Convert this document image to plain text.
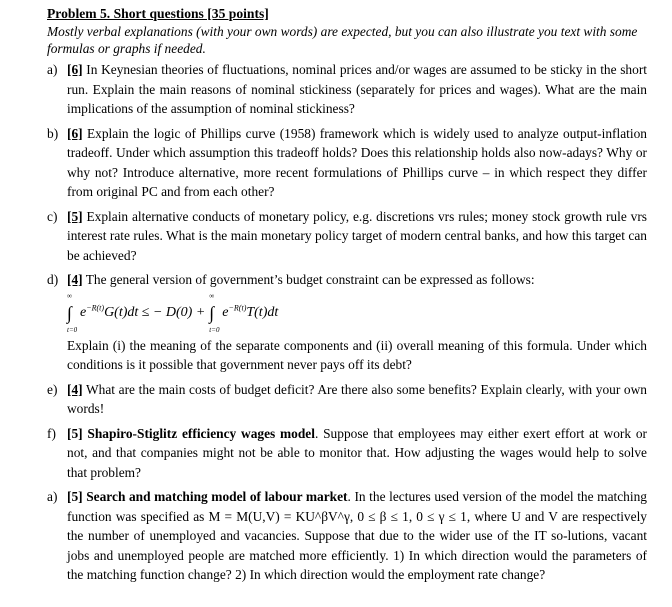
Problem 5. Short questions [35 points]
Mostly verbal explanations (with your own words) are expected, but you can also illustrate you text with some formulas or graphs if needed.
a) [6] In Keynesian theories of fluctuations, nominal prices and/or wages are assumed to be sticky in the short run. Explain the main reasons of nominal stickiness (separately for prices and wages). What are the main implications of the assumption of nominal stickiness?
b) [6] Explain the logic of Phillips curve (1958) framework which is widely used to analyze output-inflation tradeoff. Under which assumption this tradeoff holds? Does this relationship holds also now-adays? Why or why not? Introduce alternative, more recent formulations of Phillips curve – in which respect they differ from original PC and from each other?
c) [5] Explain alternative conducts of monetary policy, e.g. discretions vrs rules; money stock growth rule vrs interest rate rules. What is the main monetary policy target of modern central banks, and how this target can be achieved?
d) [4] The general version of government’s budget constraint can be expressed as follows:
∞
∫
t=0
$e^{-R(t)}G(t)dt$ ≤ − D(0) +
∞
∫
t=0
$e^{-R(t)}T(t)dt$
Explain (i) the meaning of the separate components and (ii) overall meaning of this formula. Under which conditions is it possible that government never pays off its debt?
e) [4] What are the main costs of budget deficit? Are there also some benefits? Explain clearly, with your own words!
f) [5] Shapiro-Stiglitz efficiency wages model. Suppose that employees may either exert effort at work or not, and that companies might not be able to monitor that. How adjusting the wages would help to solve that problem?
a) [5] Search and matching model of labour market. In the lectures used version of the model the matching function was specified as M = M(U,V) = KU^βV^γ, 0 ≤ β ≤ 1, 0 ≤ γ ≤ 1, where U and V are respectively the number of unemployed and vacancies. Suppose that due to the wider use of the IT so-lutions, vacant jobs and unemployed people are matched more efficiently. 1) In which direction would the parameters of the matching function change? 2) In which direction would the employment rate change?
